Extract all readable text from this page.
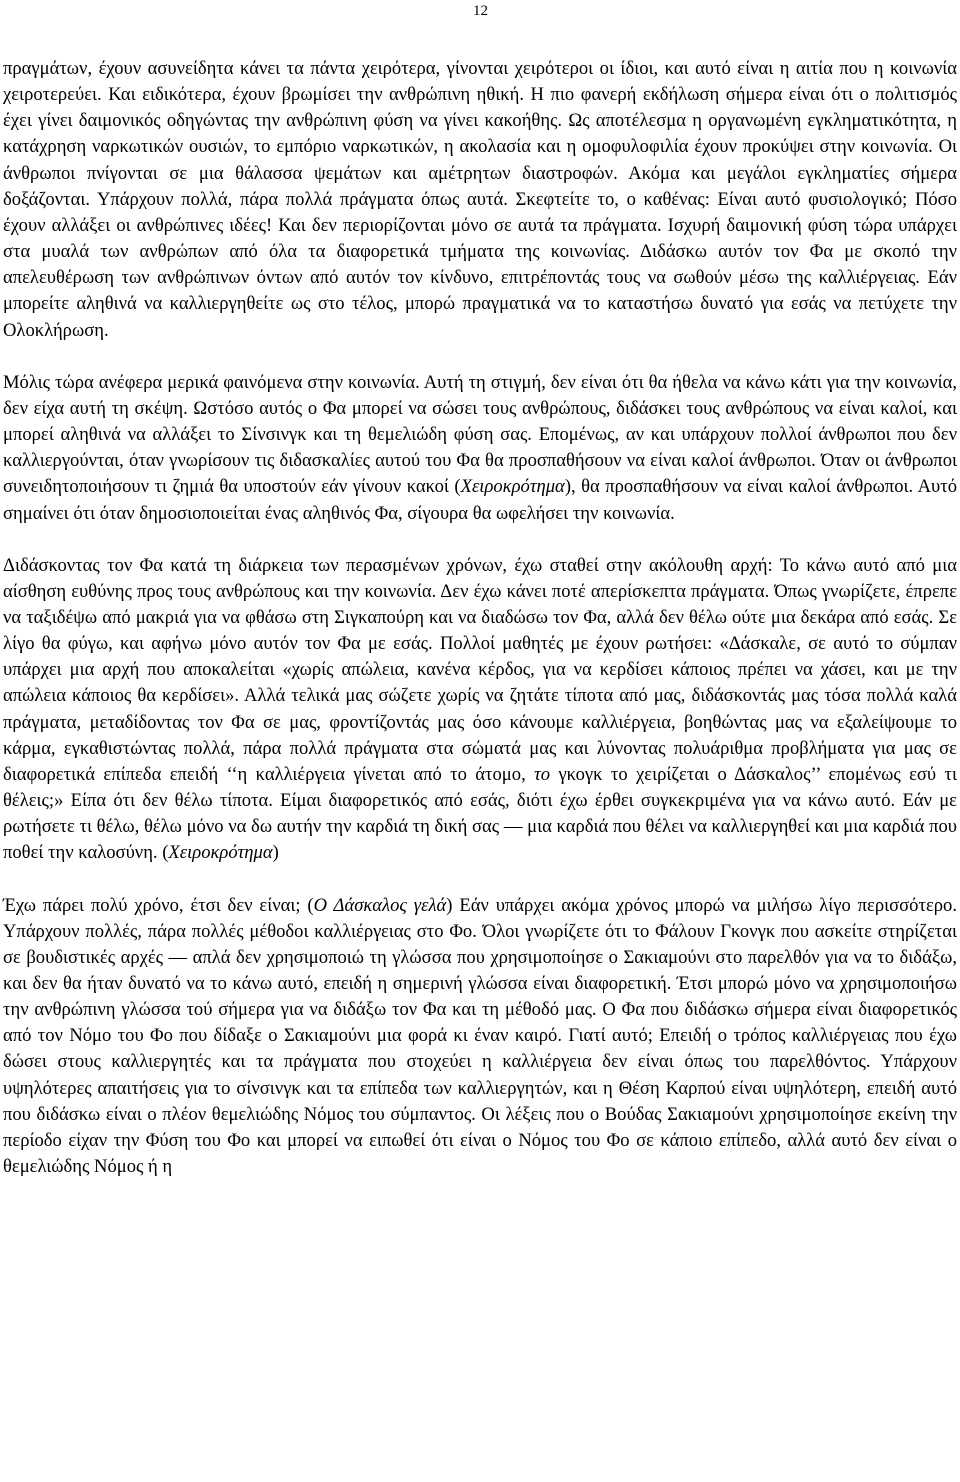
12

πραγμάτων, έχουν ασυνείδητα κάνει τα πάντα χειρότερα, γίνονται χειρότεροι οι ίδιοι, και αυτό είναι η αιτία που η κοινωνία χειροτερεύει. Και ειδικότερα, έχουν βρωμίσει την ανθρώπινη ηθική. Η πιο φανερή εκδήλωση σήμερα είναι ότι ο πολιτισμός έχει γίνει δαιμονικός οδηγώντας την ανθρώπινη φύση να γίνει κακοήθης. Ως αποτέλεσμα η οργανωμένη εγκληματικότητα, η κατάχρηση ναρκωτικών ουσιών, το εμπόριο ναρκωτικών, η ακολασία και η ομοφυλοφιλία έχουν προκύψει στην κοινωνία. Οι άνθρωποι πνίγονται σε μια θάλασσα ψεμάτων και αμέτρητων διαστροφών. Ακόμα και μεγάλοι εγκληματίες σήμερα δοξάζονται. Υπάρχουν πολλά, πάρα πολλά πράγματα όπως αυτά. Σκεφτείτε το, ο καθένας: Είναι αυτό φυσιολογικό; Πόσο έχουν αλλάξει οι ανθρώπινες ιδέες! Και δεν περιορίζονται μόνο σε αυτά τα πράγματα. Ισχυρή δαιμονική φύση τώρα υπάρχει στα μυαλά των ανθρώπων από όλα τα διαφορετικά τμήματα της κοινωνίας. Διδάσκω αυτόν τον Φα με σκοπό την απελευθέρωση των ανθρώπινων όντων από αυτόν τον κίνδυνο, επιτρέποντάς τους να σωθούν μέσω της καλλιέργειας. Εάν μπορείτε αληθινά να καλλιεργηθείτε ως στο τέλος, μπορώ πραγματικά να το καταστήσω δυνατό για εσάς να πετύχετε την Ολοκλήρωση.

Μόλις τώρα ανέφερα μερικά φαινόμενα στην κοινωνία. Αυτή τη στιγμή, δεν είναι ότι θα ήθελα να κάνω κάτι για την κοινωνία, δεν είχα αυτή τη σκέψη. Ωστόσο αυτός ο Φα μπορεί να σώσει τους ανθρώπους, διδάσκει τους ανθρώπους να είναι καλοί, και μπορεί αληθινά να αλλάξει το Σίνσινγκ και τη θεμελιώδη φύση σας. Επομένως, αν και υπάρχουν πολλοί άνθρωποι που δεν καλλιεργούνται, όταν γνωρίσουν τις διδασκαλίες αυτού του Φα θα προσπαθήσουν να είναι καλοί άνθρωποι. Όταν οι άνθρωποι συνειδητοποιήσουν τι ζημιά θα υποστούν εάν γίνουν κακοί (Χειροκρότημα), θα προσπαθήσουν να είναι καλοί άνθρωποι. Αυτό σημαίνει ότι όταν δημοσιοποιείται ένας αληθινός Φα, σίγουρα θα ωφελήσει την κοινωνία.

Διδάσκοντας τον Φα κατά τη διάρκεια των περασμένων χρόνων, έχω σταθεί στην ακόλουθη αρχή: Το κάνω αυτό από μια αίσθηση ευθύνης προς τους ανθρώπους και την κοινωνία. Δεν έχω κάνει ποτέ απερίσκεπτα πράγματα. Όπως γνωρίζετε, έπρεπε να ταξιδέψω από μακριά για να φθάσω στη Σιγκαπούρη και να διαδώσω τον Φα, αλλά δεν θέλω ούτε μια δεκάρα από εσάς. Σε λίγο θα φύγω, και αφήνω μόνο αυτόν τον Φα με εσάς. Πολλοί μαθητές με έχουν ρωτήσει: «Δάσκαλε, σε αυτό το σύμπαν υπάρχει μια αρχή που αποκαλείται «χωρίς απώλεια, κανένα κέρδος, για να κερδίσει κάποιος πρέπει να χάσει, και με την απώλεια κάποιος θα κερδίσει». Αλλά τελικά μας σώζετε χωρίς να ζητάτε τίποτα από μας, διδάσκοντάς μας τόσα πολλά καλά πράγματα, μεταδίδοντας τον Φα σε μας, φροντίζοντάς μας όσο κάνουμε καλλιέργεια, βοηθώντας μας να εξαλείψουμε το κάρμα, εγκαθιστώντας πολλά, πάρα πολλά πράγματα στα σώματά μας και λύνοντας πολυάριθμα προβλήματα για μας σε διαφορετικά επίπεδα επειδή ‘‘η καλλιέργεια γίνεται από το άτομο, το γκογκ το χειρίζεται ο Δάσκαλος’’ επομένως εσύ τι θέλεις;» Είπα ότι δεν θέλω τίποτα. Είμαι διαφορετικός από εσάς, διότι έχω έρθει συγκεκριμένα για να κάνω αυτό. Εάν με ρωτήσετε τι θέλω, θέλω μόνο να δω αυτήν την καρδιά τη δική σας ― μια καρδιά που θέλει να καλλιεργηθεί και μια καρδιά που ποθεί την καλοσύνη. (Χειροκρότημα)

Έχω πάρει πολύ χρόνο, έτσι δεν είναι; (Ο Δάσκαλος γελά) Εάν υπάρχει ακόμα χρόνος μπορώ να μιλήσω λίγο περισσότερο. Υπάρχουν πολλές, πάρα πολλές μέθοδοι καλλιέργειας στο Φο. Όλοι γνωρίζετε ότι το Φάλουν Γκονγκ που ασκείτε στηρίζεται σε βουδιστικές αρχές ― απλά δεν χρησιμοποιώ τη γλώσσα που χρησιμοποίησε ο Σακιαμούνι στο παρελθόν για να το διδάξω, και δεν θα ήταν δυνατό να το κάνω αυτό, επειδή η σημερινή γλώσσα είναι διαφορετική. Έτσι μπορώ μόνο να χρησιμοποιήσω την ανθρώπινη γλώσσα τού σήμερα για να διδάξω τον Φα και τη μέθοδό μας. Ο Φα που διδάσκω σήμερα είναι διαφορετικός από τον Νόμο του Φο που δίδαξε ο Σακιαμούνι μια φορά κι έναν καιρό. Γιατί αυτό; Επειδή ο τρόπος καλλιέργειας που έχω δώσει στους καλλιεργητές και τα πράγματα που στοχεύει η καλλιέργεια δεν είναι όπως του παρελθόντος. Υπάρχουν υψηλότερες απαιτήσεις για το σίνσινγκ και τα επίπεδα των καλλιεργητών, και η Θέση Καρπού είναι υψηλότερη, επειδή αυτό που διδάσκω είναι ο πλέον θεμελιώδης Νόμος του σύμπαντος. Οι λέξεις που ο Βούδας Σακιαμούνι χρησιμοποίησε εκείνη την περίοδο είχαν την Φύση του Φο και μπορεί να ειπωθεί ότι είναι ο Νόμος του Φο σε κάποιο επίπεδο, αλλά αυτό δεν είναι ο θεμελιώδης Νόμος ή η
